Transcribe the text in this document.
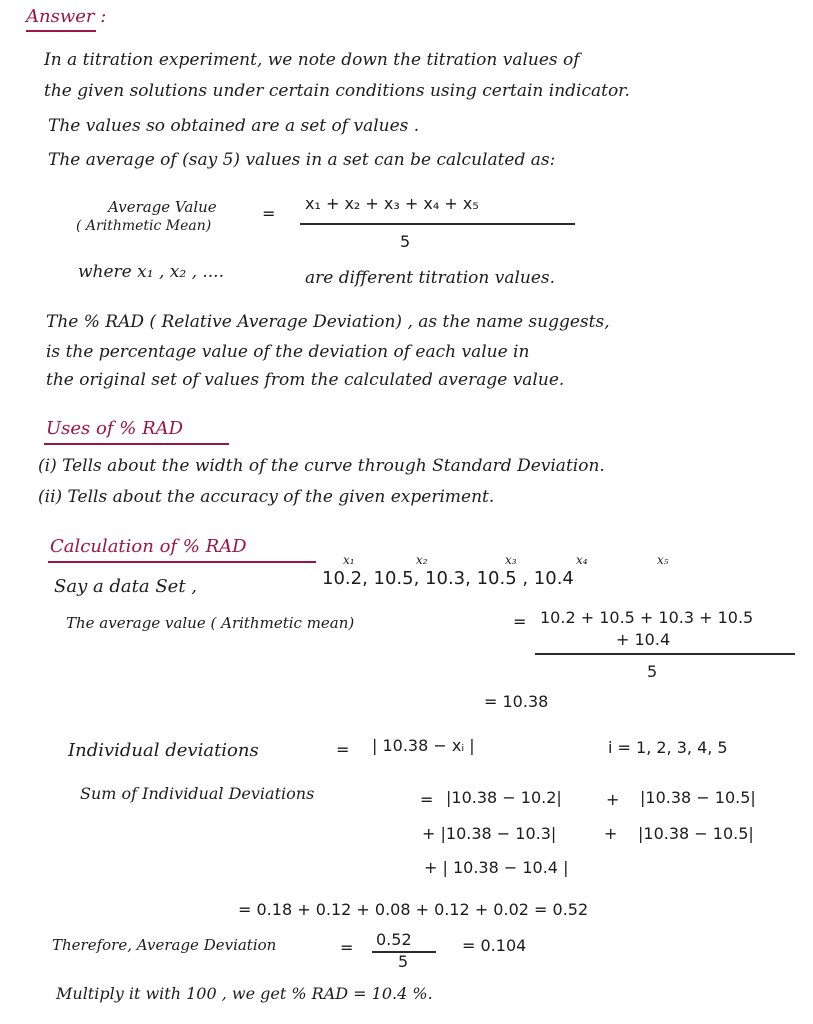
Answer :
In a titration experiment, we note down the titration values of
the given solutions under certain conditions using certain indicator.
The values so obtained are a set of values .
The average of (say 5) values in a set can be calculated as:
Average Value
( Arithmetic Mean)
=
x₁ + x₂ + x₃ + x₄ + x₅
5
where x₁ , x₂ , ....	are different titration values.
The % RAD ( Relative Average Deviation) , as the name suggests,
is the percentage value of the deviation of each value in
the original set of values from the calculated average value.
Uses of % RAD
(i) Tells about the width of the curve through Standard Deviation.
(ii) Tells about the accuracy of the given experiment.
Calculation of % RAD
Say a data Set ,
x₁	x₂	x₃	x₄	x₅
10.2, 10.5, 10.3, 10.5 , 10.4
The average value ( Arithmetic mean)	= 10.2 + 10.5 + 10.3 + 10.5
+ 10.4
5
= 10.38
Individual deviations	= | 10.38 − xᵢ |	i = 1, 2, 3, 4, 5
Sum of Individual Deviations	= |10.38 − 10.2|	+ |10.38 − 10.5|
+ |10.38 − 10.3|	+ |10.38 − 10.5|
+ | 10.38 − 10.4 |
= 0.18 + 0.12 + 0.08 + 0.12 + 0.02 = 0.52
Therefore, Average Deviation	= 0.52
5
= 0.104
Multiply it with 100 , we get % RAD = 10.4 %.
